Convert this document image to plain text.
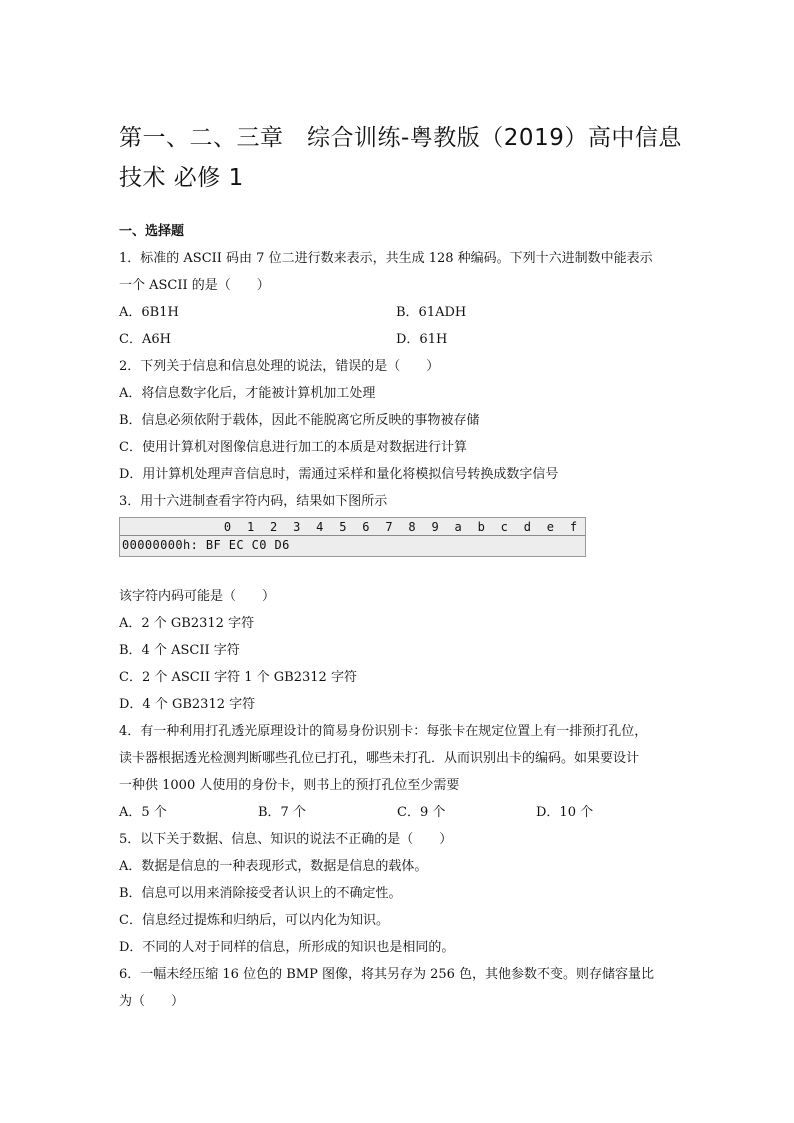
第一、二、三章　综合训练-粤教版（2019）高中信息
技术 必修 1
一、选择题
1．标准的 ASCII 码由 7 位二进行数来表示，共生成 128 种编码。下列十六进制数中能表示
一个 ASCII 的是（　　）
A．6B1H	B．61ADH
C．A6H	D．61H
2．下列关于信息和信息处理的说法，错误的是（　　）
A．将信息数字化后，才能被计算机加工处理
B．信息必须依附于载体，因此不能脱离它所反映的事物被存储
C．使用计算机对图像信息进行加工的本质是对数据进行计算
D．用计算机处理声音信息时，需通过采样和量化将模拟信号转换成数字信号
3．用十六进制查看字符内码，结果如下图所示
0	1	2	3	4	5	6	7	8	9	a	b	c	d	e	f
00000000h: BF EC C0 D6
该字符内码可能是（　　）
A．2 个 GB2312 字符
B．4 个 ASCII 字符
C．2 个 ASCII 字符 1 个 GB2312 字符
D．4 个 GB2312 字符
4．有一种利用打孔透光原理设计的简易身份识别卡：每张卡在规定位置上有一排预打孔位，
读卡器根据透光检测判断哪些孔位已打孔，哪些未打孔．从而识别出卡的编码。如果要设计
一种供 1000 人使用的身份卡，则书上的预打孔位至少需要
A．5 个	B．7 个	C．9 个	D．10 个
5．以下关于数据、信息、知识的说法不正确的是（　　）
A．数据是信息的一种表现形式，数据是信息的载体。
B．信息可以用来消除接受者认识上的不确定性。
C．信息经过提炼和归纳后，可以内化为知识。
D．不同的人对于同样的信息，所形成的知识也是相同的。
6．一幅未经压缩 16 位色的 BMP 图像，将其另存为 256 色，其他参数不变。则存储容量比
为（　　）
